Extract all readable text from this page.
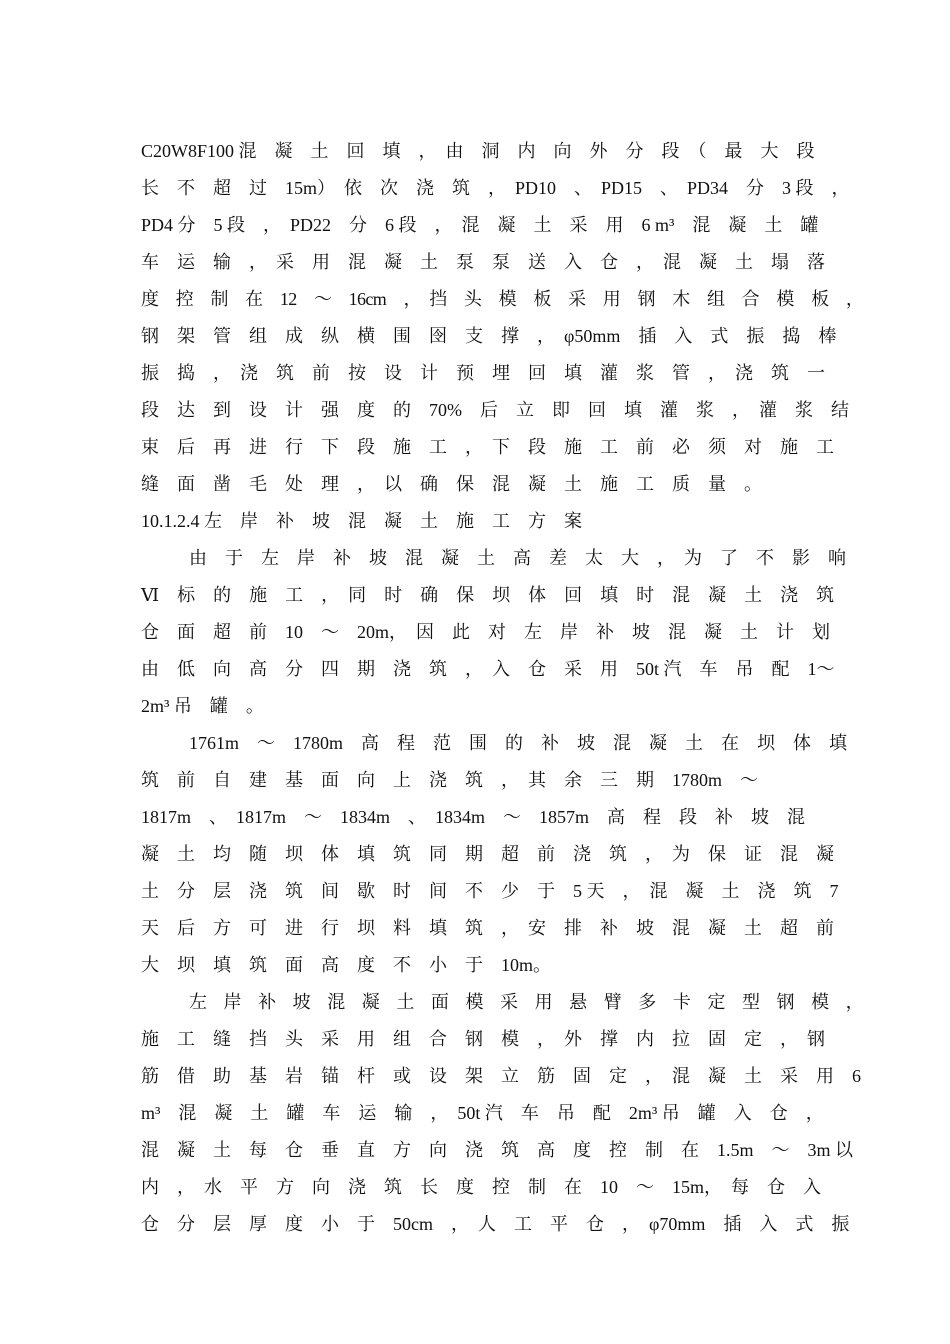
C20W8F100 混　凝　土　回　填　，　由　洞　内　向　外　分　段　（　最　大　段
长　不　超　过　15m）　依　次　浇　筑　，　PD10　、　PD15　、　PD34　分　3 段　，
PD4 分　5 段　，　PD22　分　6 段　，　混　凝　土　采　用　6 m³　混　凝　土　罐
车　运　输　，　采　用　混　凝　土　泵　泵　送　入　仓　，　混　凝　土　塌　落
度　控　制　在　12　～　16cm　，　挡　头　模　板　采　用　钢　木　组　合　模　板　，
钢　架　管　组　成　纵　横　围　囹　支　撑　，　φ50mm　插　入　式　振　捣　棒
振　捣　，　浇　筑　前　按　设　计　预　埋　回　填　灌　浆　管　，　浇　筑　一
段　达　到　设　计　强　度　的　70%　后　立　即　回　填　灌　浆　，　灌　浆　结
束　后　再　进　行　下　段　施　工　，　下　段　施　工　前　必　须　对　施　工
缝　面　凿　毛　处　理　，　以　确　保　混　凝　土　施　工　质　量　。
10.1.2.4 左　岸　补　坡　混　凝　土　施　工　方　案
由　于　左　岸　补　坡　混　凝　土　高　差　太　大　，　为　了　不　影　响
Ⅵ　标　的　施　工　，　同　时　确　保　坝　体　回　填　时　混　凝　土　浇　筑
仓　面　超　前　10　～　20m，　因　此　对　左　岸　补　坡　混　凝　土　计　划
由　低　向　高　分　四　期　浇　筑　，　入　仓　采　用　50t 汽　车　吊　配　1～
2m³ 吊　罐　。
1761m　～　1780m　高　程　范　围　的　补　坡　混　凝　土　在　坝　体　填
筑　前　自　建　基　面　向　上　浇　筑　，　其　余　三　期　1780m　～
1817m　、　1817m　～　1834m　、　1834m　～　1857m　高　程　段　补　坡　混
凝　土　均　随　坝　体　填　筑　同　期　超　前　浇　筑　，　为　保　证　混　凝
土　分　层　浇　筑　间　歇　时　间　不　少　于　5 天　，　混　凝　土　浇　筑　7
天　后　方　可　进　行　坝　料　填　筑　，　安　排　补　坡　混　凝　土　超　前
大　坝　填　筑　面　高　度　不　小　于　10m。
左　岸　补　坡　混　凝　土　面　模　采　用　悬　臂　多　卡　定　型　钢　模　，
施　工　缝　挡　头　采　用　组　合　钢　模　，　外　撑　内　拉　固　定　，　钢
筋　借　助　基　岩　锚　杆　或　设　架　立　筋　固　定　，　混　凝　土　采　用　6
m³　混　凝　土　罐　车　运　输　，　50t 汽　车　吊　配　2m³ 吊　罐　入　仓　，
混　凝　土　每　仓　垂　直　方　向　浇　筑　高　度　控　制　在　1.5m　～　3m 以
内　，　水　平　方　向　浇　筑　长　度　控　制　在　10　～　15m，　每　仓　入
仓　分　层　厚　度　小　于　50cm　，　人　工　平　仓　，　φ70mm　插　入　式　振
